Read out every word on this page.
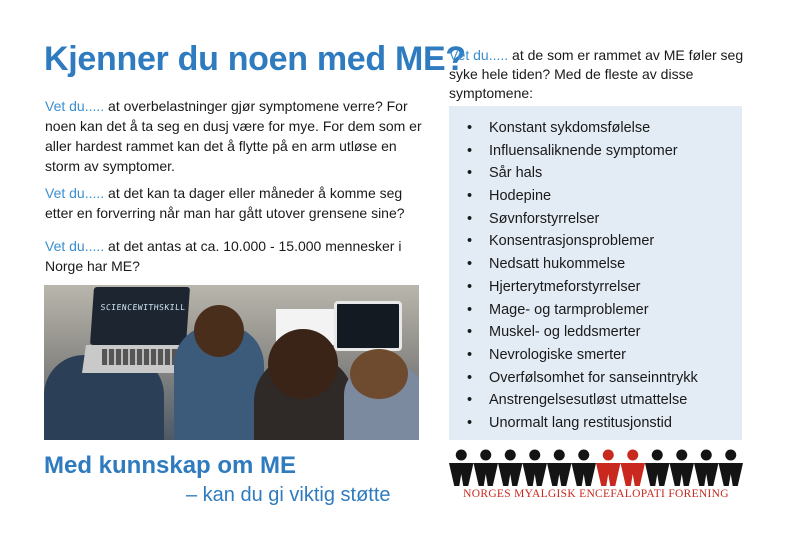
Kjenner du noen med ME?

Vet du..... at overbelastninger gjør symptomene verre? For noen kan det å ta seg en dusj være for mye. For dem som er aller hardest rammet kan det å flytte på en arm utløse en storm av symptomer.

Vet du..... at det kan ta dager eller måneder å komme seg etter en forverring når man har gått utover grensene sine?

Vet du..... at det antas at ca. 10.000 - 15.000 mennesker i Norge har ME?

SCIENCEWITHSKILL
Med kunnskap om ME
– kan du gi viktig støtte

Vet du..... at de som er rammet av ME føler seg syke hele tiden? Med de fleste av disse symptomene:

• Konstant sykdomsfølelse
• Influensaliknende symptomer
• Sår hals
• Hodepine
• Søvnforstyrrelser
• Konsentrasjonsproblemer
• Nedsatt hukommelse
• Hjerterytmeforstyrrelser
• Mage- og tarmproblemer
• Muskel- og leddsmerter
• Nevrologiske smerter
• Overfølsomhet for sanseinntrykk
• Anstrengelsesutløst utmattelse
• Unormalt lang restitusjonstid
NORGES MYALGISK ENCEFALOPATI FORENING
